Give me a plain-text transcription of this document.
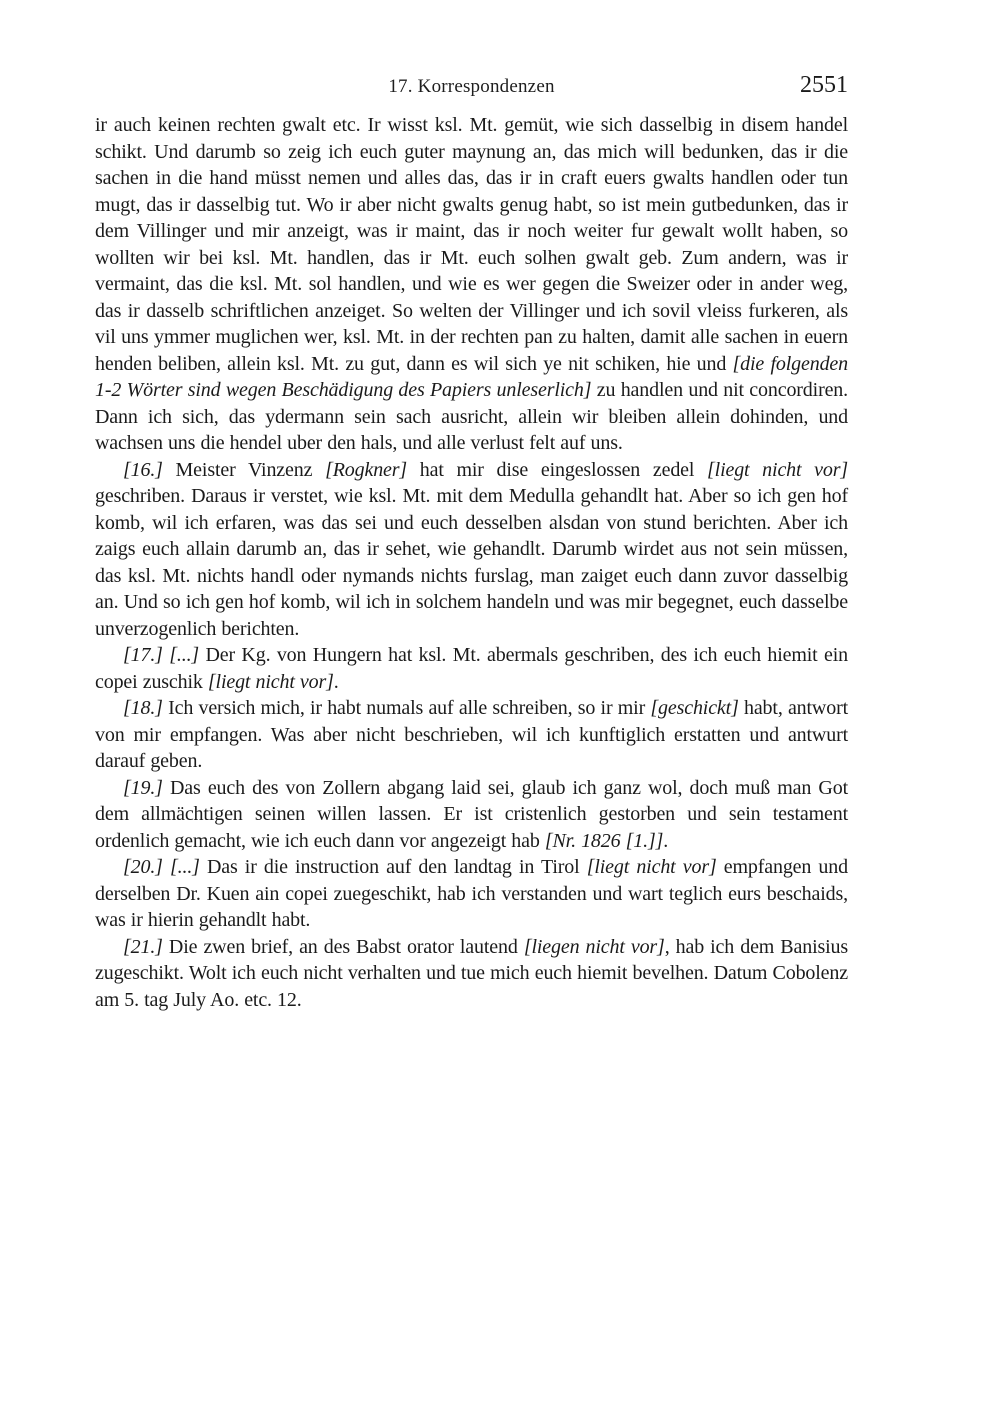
17. Korrespondenzen	2551

ir auch keinen rechten gwalt etc. Ir wisst ksl. Mt. gemüt, wie sich dasselbig in disem handel schikt. Und darumb so zeig ich euch guter maynung an, das mich will bedunken, das ir die sachen in die hand müsst nemen und alles das, das ir in craft euers gwalts handlen oder tun mugt, das ir dasselbig tut. Wo ir aber nicht gwalts genug habt, so ist mein gutbedunken, das ir dem Villinger und mir anzeigt, was ir maint, das ir noch weiter fur gewalt wollt haben, so wollten wir bei ksl. Mt. handlen, das ir Mt. euch solhen gwalt geb. Zum andern, was ir vermaint, das die ksl. Mt. sol handlen, und wie es wer gegen die Sweizer oder in ander weg, das ir dasselb schriftlichen anzeiget. So welten der Villinger und ich sovil vleiss furkeren, als vil uns ymmer muglichen wer, ksl. Mt. in der rechten pan zu halten, damit alle sachen in euern henden beliben, allein ksl. Mt. zu gut, dann es wil sich ye nit schiken, hie und [die folgenden 1-2 Wörter sind wegen Beschädigung des Papiers unleserlich] zu handlen und nit concordiren. Dann ich sich, das ydermann sein sach ausricht, allein wir bleiben allein dohinden, und wachsen uns die hendel uber den hals, und alle verlust felt auf uns.

[16.] Meister Vinzenz [Rogkner] hat mir dise eingeslossen zedel [liegt nicht vor] geschriben. Daraus ir verstet, wie ksl. Mt. mit dem Medulla gehandlt hat. Aber so ich gen hof komb, wil ich erfaren, was das sei und euch desselben alsdan von stund berichten. Aber ich zaigs euch allain darumb an, das ir sehet, wie gehandlt. Darumb wirdet aus not sein müssen, das ksl. Mt. nichts handl oder nymands nichts furslag, man zaiget euch dann zuvor dasselbig an. Und so ich gen hof komb, wil ich in solchem handeln und was mir begegnet, euch dasselbe unverzogenlich berichten.

[17.] [...] Der Kg. von Hungern hat ksl. Mt. abermals geschriben, des ich euch hiemit ein copei zuschik [liegt nicht vor].

[18.] Ich versich mich, ir habt numals auf alle schreiben, so ir mir [geschickt] habt, antwort von mir empfangen. Was aber nicht beschrieben, wil ich kunftiglich erstatten und antwurt darauf geben.

[19.] Das euch des von Zollern abgang laid sei, glaub ich ganz wol, doch muß man Got dem allmächtigen seinen willen lassen. Er ist cristenlich gestorben und sein testament ordenlich gemacht, wie ich euch dann vor angezeigt hab [Nr. 1826 [1.]].

[20.] [...] Das ir die instruction auf den landtag in Tirol [liegt nicht vor] empfangen und derselben Dr. Kuen ain copei zuegeschikt, hab ich verstanden und wart teglich eurs beschaids, was ir hierin gehandlt habt.

[21.] Die zwen brief, an des Babst orator lautend [liegen nicht vor], hab ich dem Banisius zugeschikt. Wolt ich euch nicht verhalten und tue mich euch hiemit bevelhen. Datum Cobolenz am 5. tag July Ao. etc. 12.
